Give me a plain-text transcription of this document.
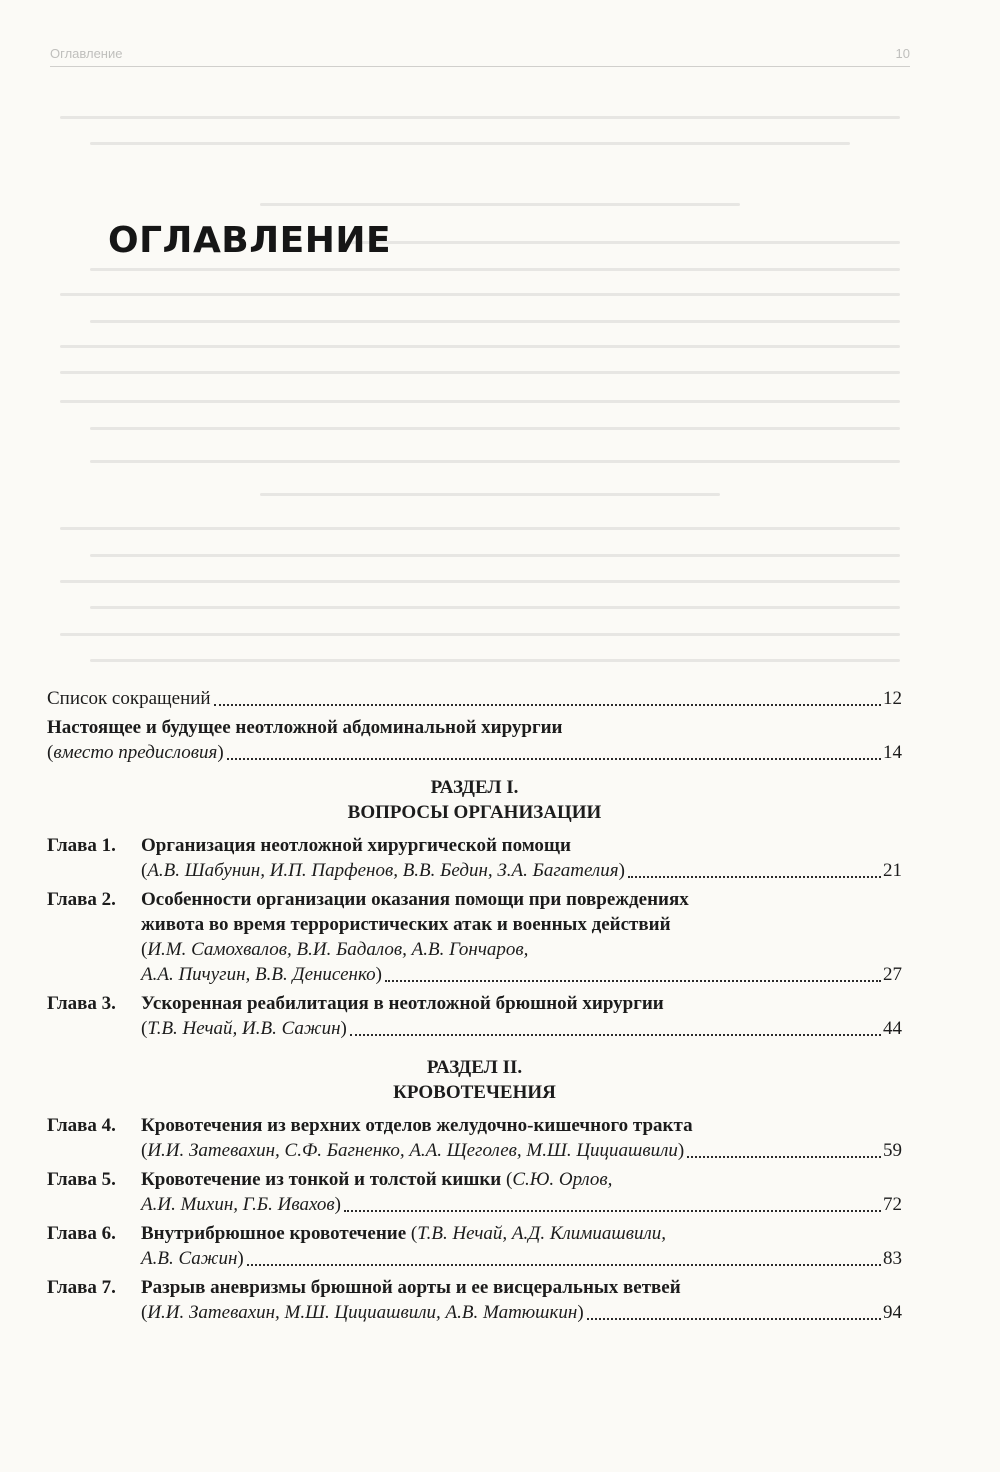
Оглавление	10
ОГЛАВЛЕНИЕ
Список сокращений	12
Настоящее и будущее неотложной абдоминальной хирургии
(вместо предисловия)	14
РАЗДЕЛ I.
ВОПРОСЫ ОРГАНИЗАЦИИ
Глава 1. Организация неотложной хирургической помощи
(А.В. Шабунин, И.П. Парфенов, В.В. Бедин, З.А. Багателия)	21
Глава 2. Особенности организации оказания помощи при повреждениях
живота во время террористических атак и военных действий
(И.М. Самохвалов, В.И. Бадалов, А.В. Гончаров,
А.А. Пичугин, В.В. Денисенко)	27
Глава 3. Ускоренная реабилитация в неотложной брюшной хирургии
(Т.В. Нечай, И.В. Сажин)	44
РАЗДЕЛ II.
КРОВОТЕЧЕНИЯ
Глава 4. Кровотечения из верхних отделов желудочно-кишечного тракта
(И.И. Затевахин, С.Ф. Багненко, А.А. Щеголев, М.Ш. Цициашвили)	59
Глава 5. Кровотечение из тонкой и толстой кишки (С.Ю. Орлов,
А.И. Михин, Г.Б. Ивахов)	72
Глава 6. Внутрибрюшное кровотечение (Т.В. Нечай, А.Д. Климиашвили,
А.В. Сажин)	83
Глава 7. Разрыв аневризмы брюшной аорты и ее висцеральных ветвей
(И.И. Затевахин, М.Ш. Цициашвили, А.В. Матюшкин)	94
